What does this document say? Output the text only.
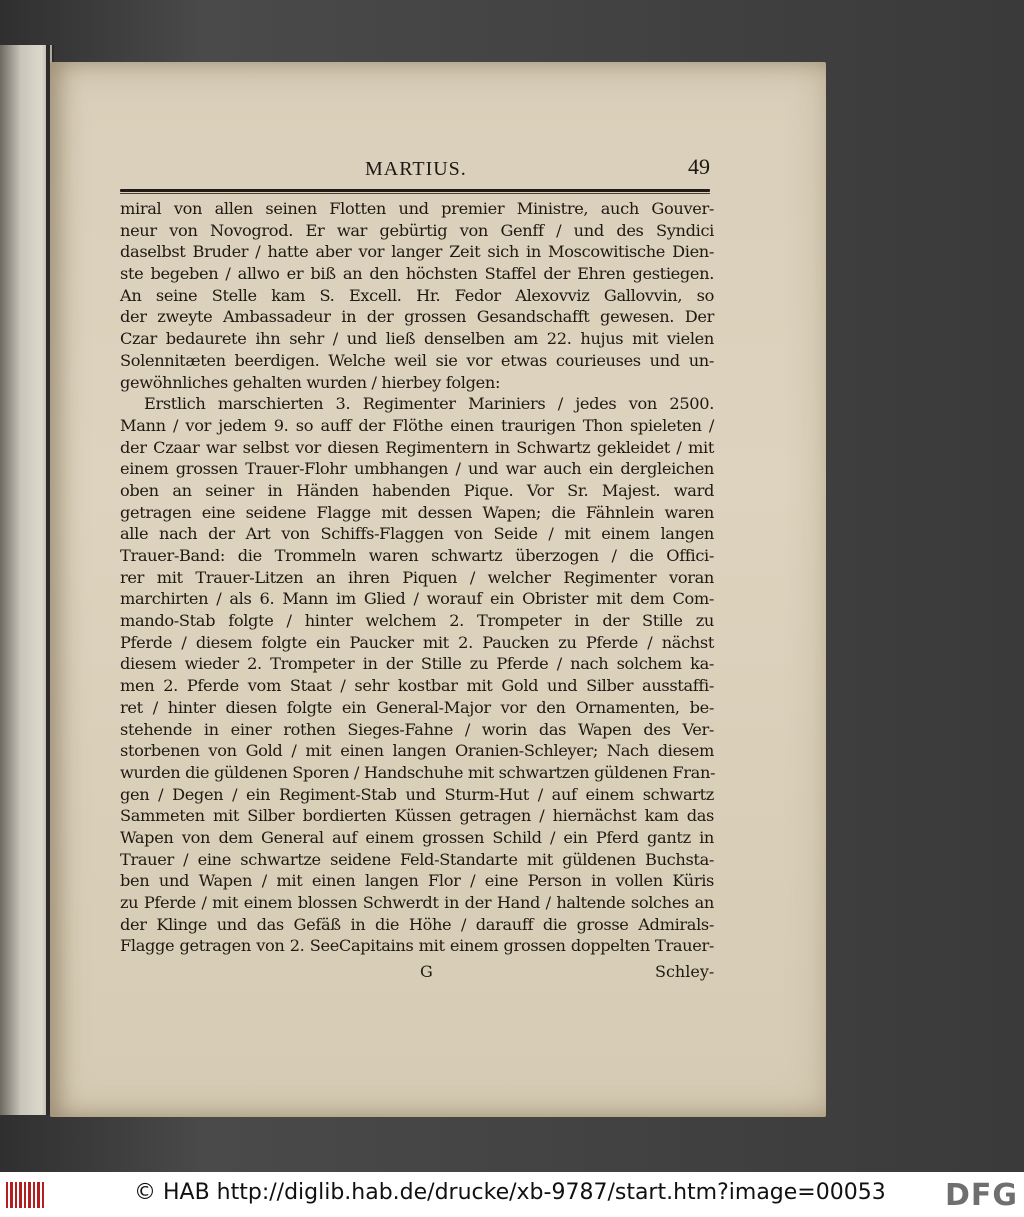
MARTIUS.	49
miral von allen seinen Flotten und premier Ministre, auch Gouver-
neur von Novogrod. Er war gebürtig von Genff / und des Syndici
daselbst Bruder / hatte aber vor langer Zeit sich in Moscowitische Dien-
ste begeben / allwo er biß an den höchsten Staffel der Ehren gestiegen.
An seine Stelle kam S. Excell. Hr. Fedor Alexovviz Gallovvin, so
der zweyte Ambassadeur in der grossen Gesandschafft gewesen. Der
Czar bedaurete ihn sehr / und ließ denselben am 22. hujus mit vielen
Solennitæten beerdigen. Welche weil sie vor etwas courieuses und un-
gewöhnliches gehalten wurden / hierbey folgen:
Erstlich marschierten 3. Regimenter Mariniers / jedes von 2500.
Mann / vor jedem 9. so auff der Flöthe einen traurigen Thon spieleten /
der Czaar war selbst vor diesen Regimentern in Schwartz gekleidet / mit
einem grossen Trauer-Flohr umbhangen / und war auch ein dergleichen
oben an seiner in Händen habenden Pique. Vor Sr. Majest. ward
getragen eine seidene Flagge mit dessen Wapen; die Fähnlein waren
alle nach der Art von Schiffs-Flaggen von Seide / mit einem langen
Trauer-Band: die Trommeln waren schwartz überzogen / die Offici-
rer mit Trauer-Litzen an ihren Piquen / welcher Regimenter voran
marchirten / als 6. Mann im Glied / worauf ein Obrister mit dem Com-
mando-Stab folgte / hinter welchem 2. Trompeter in der Stille zu
Pferde / diesem folgte ein Paucker mit 2. Paucken zu Pferde / nächst
diesem wieder 2. Trompeter in der Stille zu Pferde / nach solchem ka-
men 2. Pferde vom Staat / sehr kostbar mit Gold und Silber ausstaffi-
ret / hinter diesen folgte ein General-Major vor den Ornamenten, be-
stehende in einer rothen Sieges-Fahne / worin das Wapen des Ver-
storbenen von Gold / mit einen langen Oranien-Schleyer; Nach diesem
wurden die güldenen Sporen / Handschuhe mit schwartzen güldenen Fran-
gen / Degen / ein Regiment-Stab und Sturm-Hut / auf einem schwartz
Sammeten mit Silber bordierten Küssen getragen / hiernächst kam das
Wapen von dem General auf einem grossen Schild / ein Pferd gantz in
Trauer / eine schwartze seidene Feld-Standarte mit güldenen Buchsta-
ben und Wapen / mit einen langen Flor / eine Person in vollen Küris
zu Pferde / mit einem blossen Schwerdt in der Hand / haltende solches an
der Klinge und das Gefäß in die Höhe / darauff die grosse Admirals-
Flagge getragen von 2. SeeCapitains mit einem grossen doppelten Trauer-
G	Schley-
© HAB http://diglib.hab.de/drucke/xb-9787/start.htm?image=00053 DFG
